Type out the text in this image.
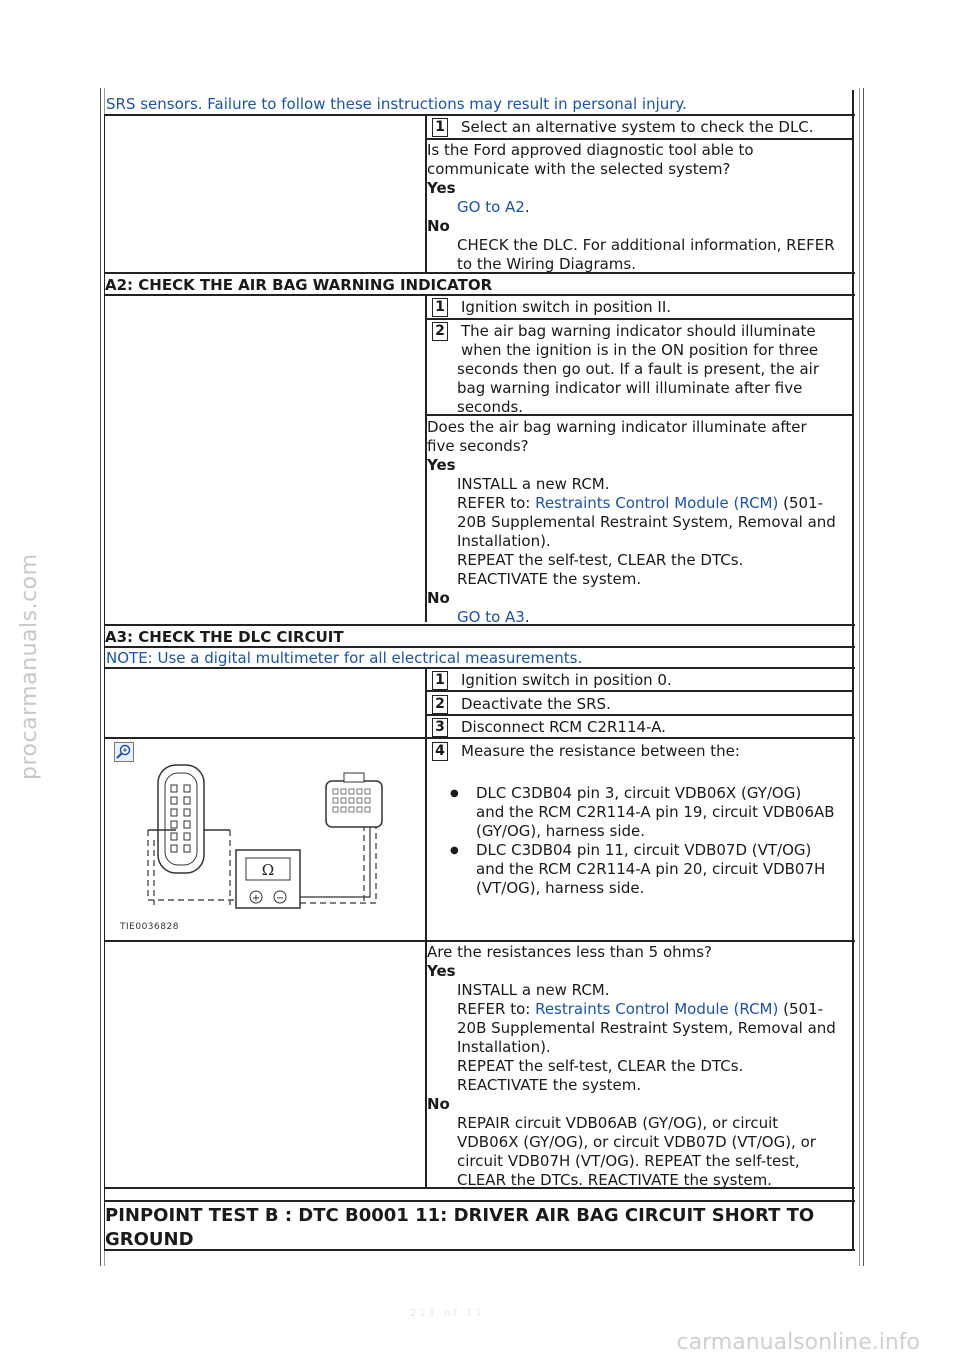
SRS sensors. Failure to follow these instructions may result in personal injury.
1 Select an alternative system to check the DLC.
Is the Ford approved diagnostic tool able to
communicate with the selected system?
Yes
GO to A2.
No
CHECK the DLC. For additional information, REFER
to the Wiring Diagrams.
A2: CHECK THE AIR BAG WARNING INDICATOR
1 Ignition switch in position II.
2 The air bag warning indicator should illuminate
when the ignition is in the ON position for three
seconds then go out. If a fault is present, the air
bag warning indicator will illuminate after five
seconds.
Does the air bag warning indicator illuminate after
five seconds?
Yes
INSTALL a new RCM.
REFER to: Restraints Control Module (RCM) (501-
20B Supplemental Restraint System, Removal and
Installation).
REPEAT the self-test, CLEAR the DTCs.
REACTIVATE the system.
No
GO to A3.
A3: CHECK THE DLC CIRCUIT
NOTE: Use a digital multimeter for all electrical measurements.
1 Ignition switch in position 0.
2 Deactivate the SRS.
3 Disconnect RCM C2R114-A.
4 Measure the resistance between the:
● DLC C3DB04 pin 3, circuit VDB06X (GY/OG)
and the RCM C2R114-A pin 19, circuit VDB06AB
(GY/OG), harness side.
● DLC C3DB04 pin 11, circuit VDB07D (VT/OG)
and the RCM C2R114-A pin 20, circuit VDB07H
(VT/OG), harness side.
Ω
+ −
TIE0036828
Are the resistances less than 5 ohms?
Yes
INSTALL a new RCM.
REFER to: Restraints Control Module (RCM) (501-
20B Supplemental Restraint System, Removal and
Installation).
REPEAT the self-test, CLEAR the DTCs.
REACTIVATE the system.
No
REPAIR circuit VDB06AB (GY/OG), or circuit
VDB06X (GY/OG), or circuit VDB07D (VT/OG), or
circuit VDB07H (VT/OG). REPEAT the self-test,
CLEAR the DTCs. REACTIVATE the system.
PINPOINT TEST B : DTC B0001 11: DRIVER AIR BAG CIRCUIT SHORT TO
GROUND
procarmanuals.com
carmanualsonline.info
211 of 11
